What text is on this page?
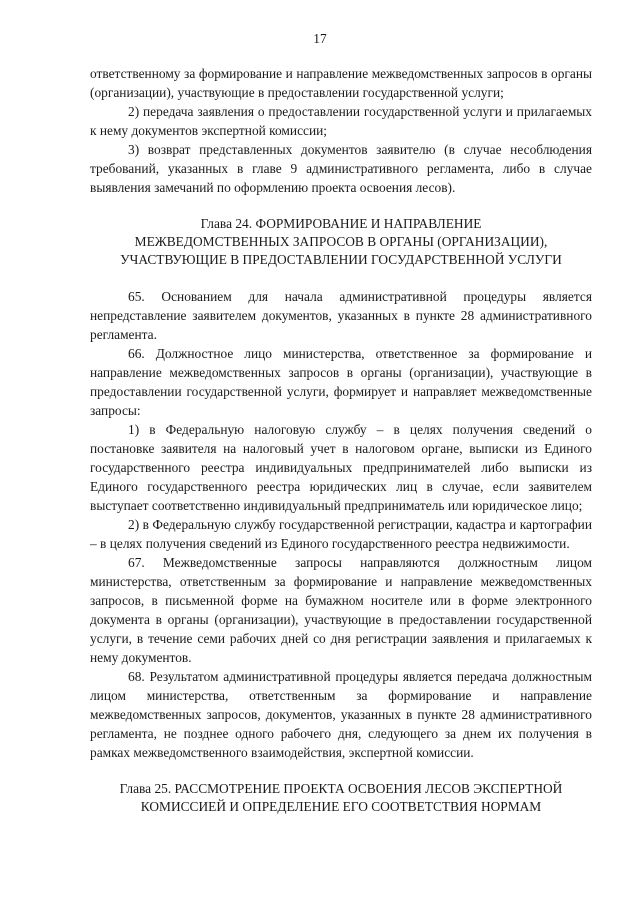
17

ответственному за формирование и направление межведомственных запросов в органы (организации), участвующие в предоставлении государственной услуги;

2) передача заявления о предоставлении государственной услуги и прилагаемых к нему документов экспертной комиссии;

3) возврат представленных документов заявителю (в случае несоблюдения требований, указанных в главе 9 административного регламента, либо в случае выявления замечаний по оформлению проекта освоения лесов).

Глава 24. ФОРМИРОВАНИЕ И НАПРАВЛЕНИЕ
МЕЖВЕДОМСТВЕННЫХ ЗАПРОСОВ В ОРГАНЫ (ОРГАНИЗАЦИИ),
УЧАСТВУЮЩИЕ В ПРЕДОСТАВЛЕНИИ ГОСУДАРСТВЕННОЙ УСЛУГИ

65. Основанием для начала административной процедуры является непредставление заявителем документов, указанных в пункте 28 административного регламента.

66. Должностное лицо министерства, ответственное за формирование и направление межведомственных запросов в органы (организации), участвующие в предоставлении государственной услуги, формирует и направляет межведомственные запросы:

1) в Федеральную налоговую службу – в целях получения сведений о постановке заявителя на налоговый учет в налоговом органе, выписки из Единого государственного реестра индивидуальных предпринимателей либо выписки из Единого государственного реестра юридических лиц в случае, если заявителем выступает соответственно индивидуальный предприниматель или юридическое лицо;

2) в Федеральную службу государственной регистрации, кадастра и картографии – в целях получения сведений из Единого государственного реестра недвижимости.

67. Межведомственные запросы направляются должностным лицом министерства, ответственным за формирование и направление межведомственных запросов, в письменной форме на бумажном носителе или в форме электронного документа в органы (организации), участвующие в предоставлении государственной услуги, в течение семи рабочих дней со дня регистрации заявления и прилагаемых к нему документов.

68. Результатом административной процедуры является передача должностным лицом министерства, ответственным за формирование и направление межведомственных запросов, документов, указанных в пункте 28 административного регламента, не позднее одного рабочего дня, следующего за днем их получения в рамках межведомственного взаимодействия, экспертной комиссии.

Глава 25. РАССМОТРЕНИЕ ПРОЕКТА ОСВОЕНИЯ ЛЕСОВ ЭКСПЕРТНОЙ
КОМИССИЕЙ И ОПРЕДЕЛЕНИЕ ЕГО СООТВЕТСТВИЯ НОРМАМ
